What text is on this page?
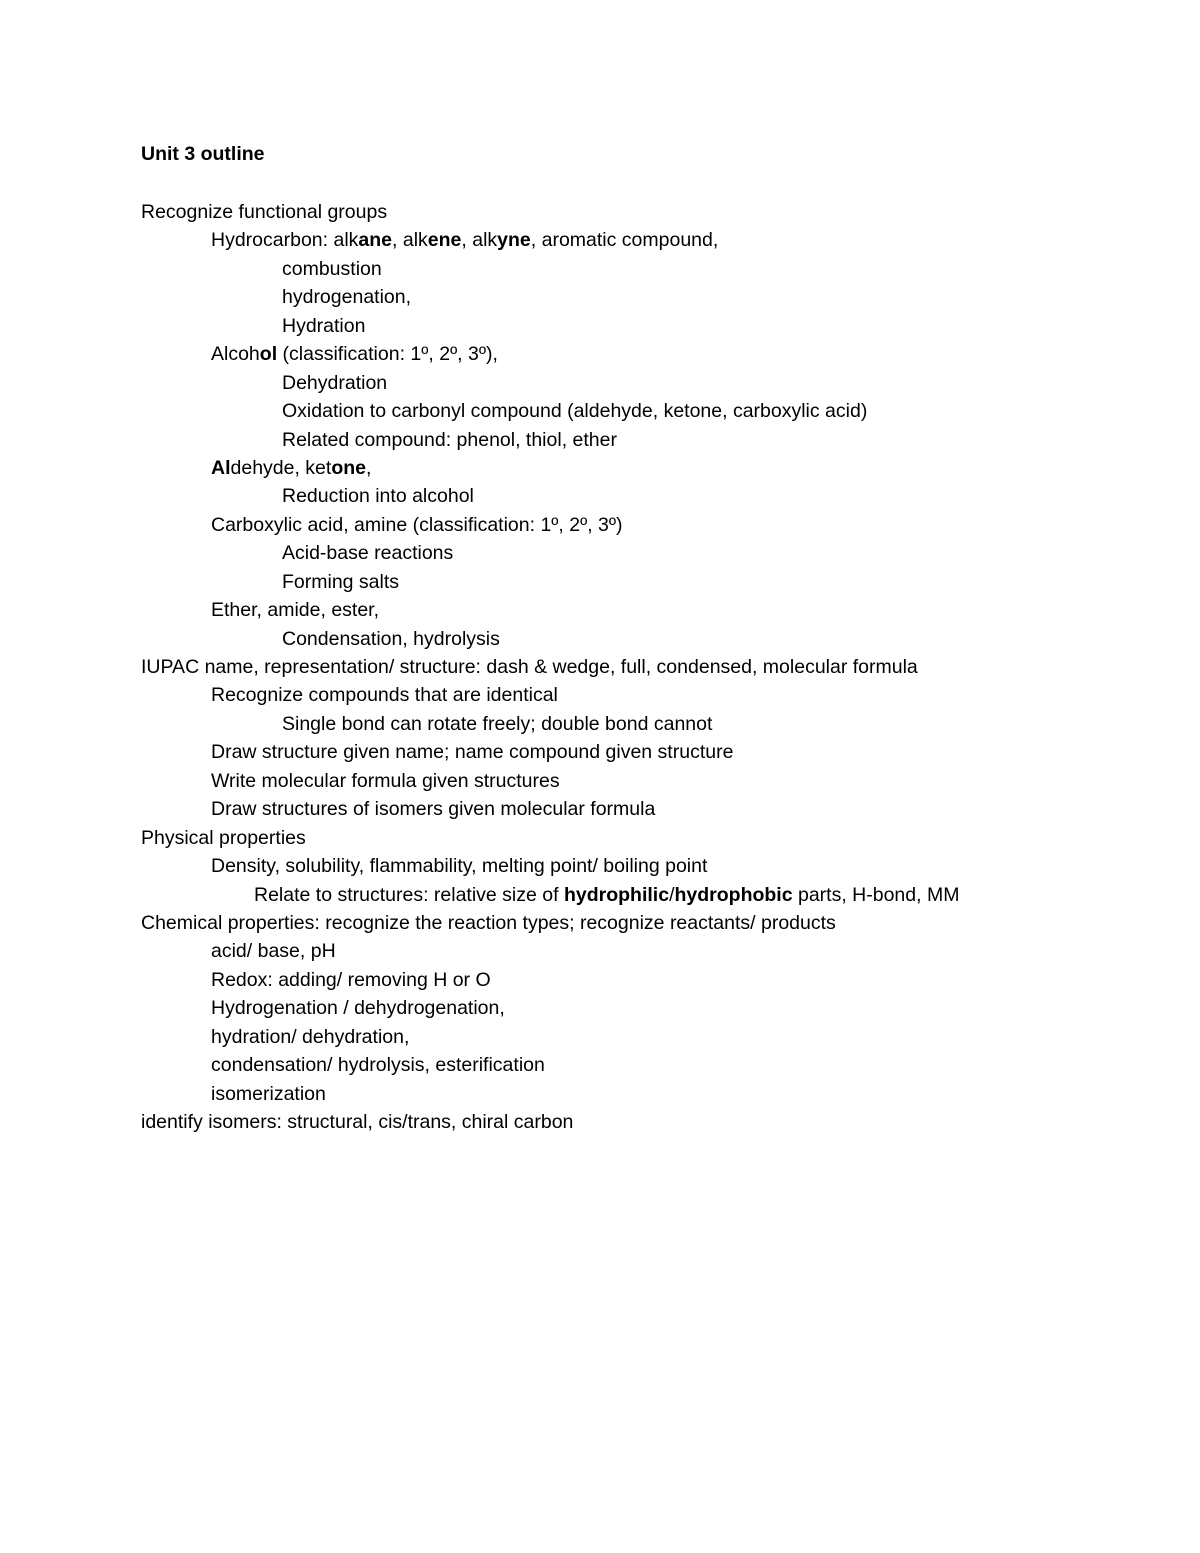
Unit 3 outline
Recognize functional groups
Hydrocarbon: alkane, alkene, alkyne, aromatic compound,
combustion
hydrogenation,
Hydration
Alcohol (classification: 1º, 2º, 3º),
Dehydration
Oxidation to carbonyl compound (aldehyde, ketone, carboxylic acid)
Related compound: phenol, thiol, ether
Aldehyde, ketone,
Reduction into alcohol
Carboxylic acid, amine (classification: 1º, 2º, 3º)
Acid-base reactions
Forming salts
Ether, amide, ester,
Condensation, hydrolysis
IUPAC name, representation/ structure: dash & wedge, full, condensed, molecular formula
Recognize compounds that are identical
Single bond can rotate freely; double bond cannot
Draw structure given name; name compound given structure
Write molecular formula given structures
Draw structures of isomers given molecular formula
Physical properties
Density, solubility, flammability, melting point/ boiling point
Relate to structures: relative size of hydrophilic/hydrophobic parts, H-bond, MM
Chemical properties: recognize the reaction types; recognize reactants/ products
acid/ base, pH
Redox: adding/ removing H or O
Hydrogenation / dehydrogenation,
hydration/ dehydration,
condensation/ hydrolysis, esterification
isomerization
identify isomers: structural, cis/trans, chiral carbon
